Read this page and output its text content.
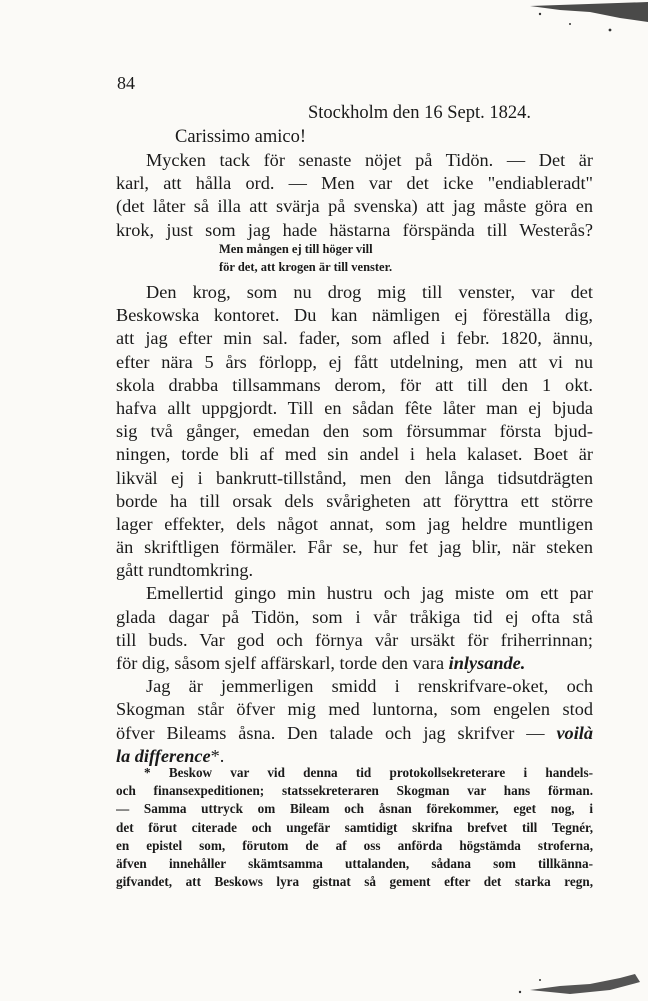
84
Stockholm den 16 Sept. 1824.
Carissimo amico!
Mycken tack för senaste nöjet på Tidön. — Det är
karl, att hålla ord. — Men var det icke "endiableradt"
(det låter så illa att svärja på svenska) att jag måste göra en
krok, just som jag hade hästarna förspända till Westerås?
Men mången ej till höger vill
för det, att krogen är till venster.
Den krog, som nu drog mig till venster, var det
Beskowska kontoret. Du kan nämligen ej föreställa dig,
att jag efter min sal. fader, som afled i febr. 1820, ännu,
efter nära 5 års förlopp, ej fått utdelning, men att vi nu
skola drabba tillsammans derom, för att till den 1 okt.
hafva allt uppgjordt. Till en sådan fête låter man ej bjuda
sig två gånger, emedan den som försummar första bjud-
ningen, torde bli af med sin andel i hela kalaset. Boet är
likväl ej i bankrutt-tillstånd, men den långa tidsutdrägten
borde ha till orsak dels svårigheten att föryttra ett större
lager effekter, dels något annat, som jag heldre muntligen
än skriftligen förmäler. Får se, hur fet jag blir, när steken
gått rundtomkring.
Emellertid gingo min hustru och jag miste om ett par
glada dagar på Tidön, som i vår tråkiga tid ej ofta stå
till buds. Var god och förnya vår ursäkt för friherrinnan;
för dig, såsom sjelf affärskarl, torde den vara inlysande.
Jag är jemmerligen smidd i renskrifvare-oket, och
Skogman står öfver mig med luntorna, som engelen stod
öfver Bileams åsna. Den talade och jag skrifver — voilà
la difference*.
* Beskow var vid denna tid protokollsekreterare i handels-
och finansexpeditionen; statssekreteraren Skogman var hans förman.
— Samma uttryck om Bileam och åsnan förekommer, eget nog, i
det förut citerade och ungefär samtidigt skrifna brefvet till Tegnér,
en epistel som, förutom de af oss anförda högstämda stroferna,
äfven innehåller skämtsamma uttalanden, sådana som tillkänna-
gifvandet, att Beskows lyra gistnat så gement efter det starka regn,
